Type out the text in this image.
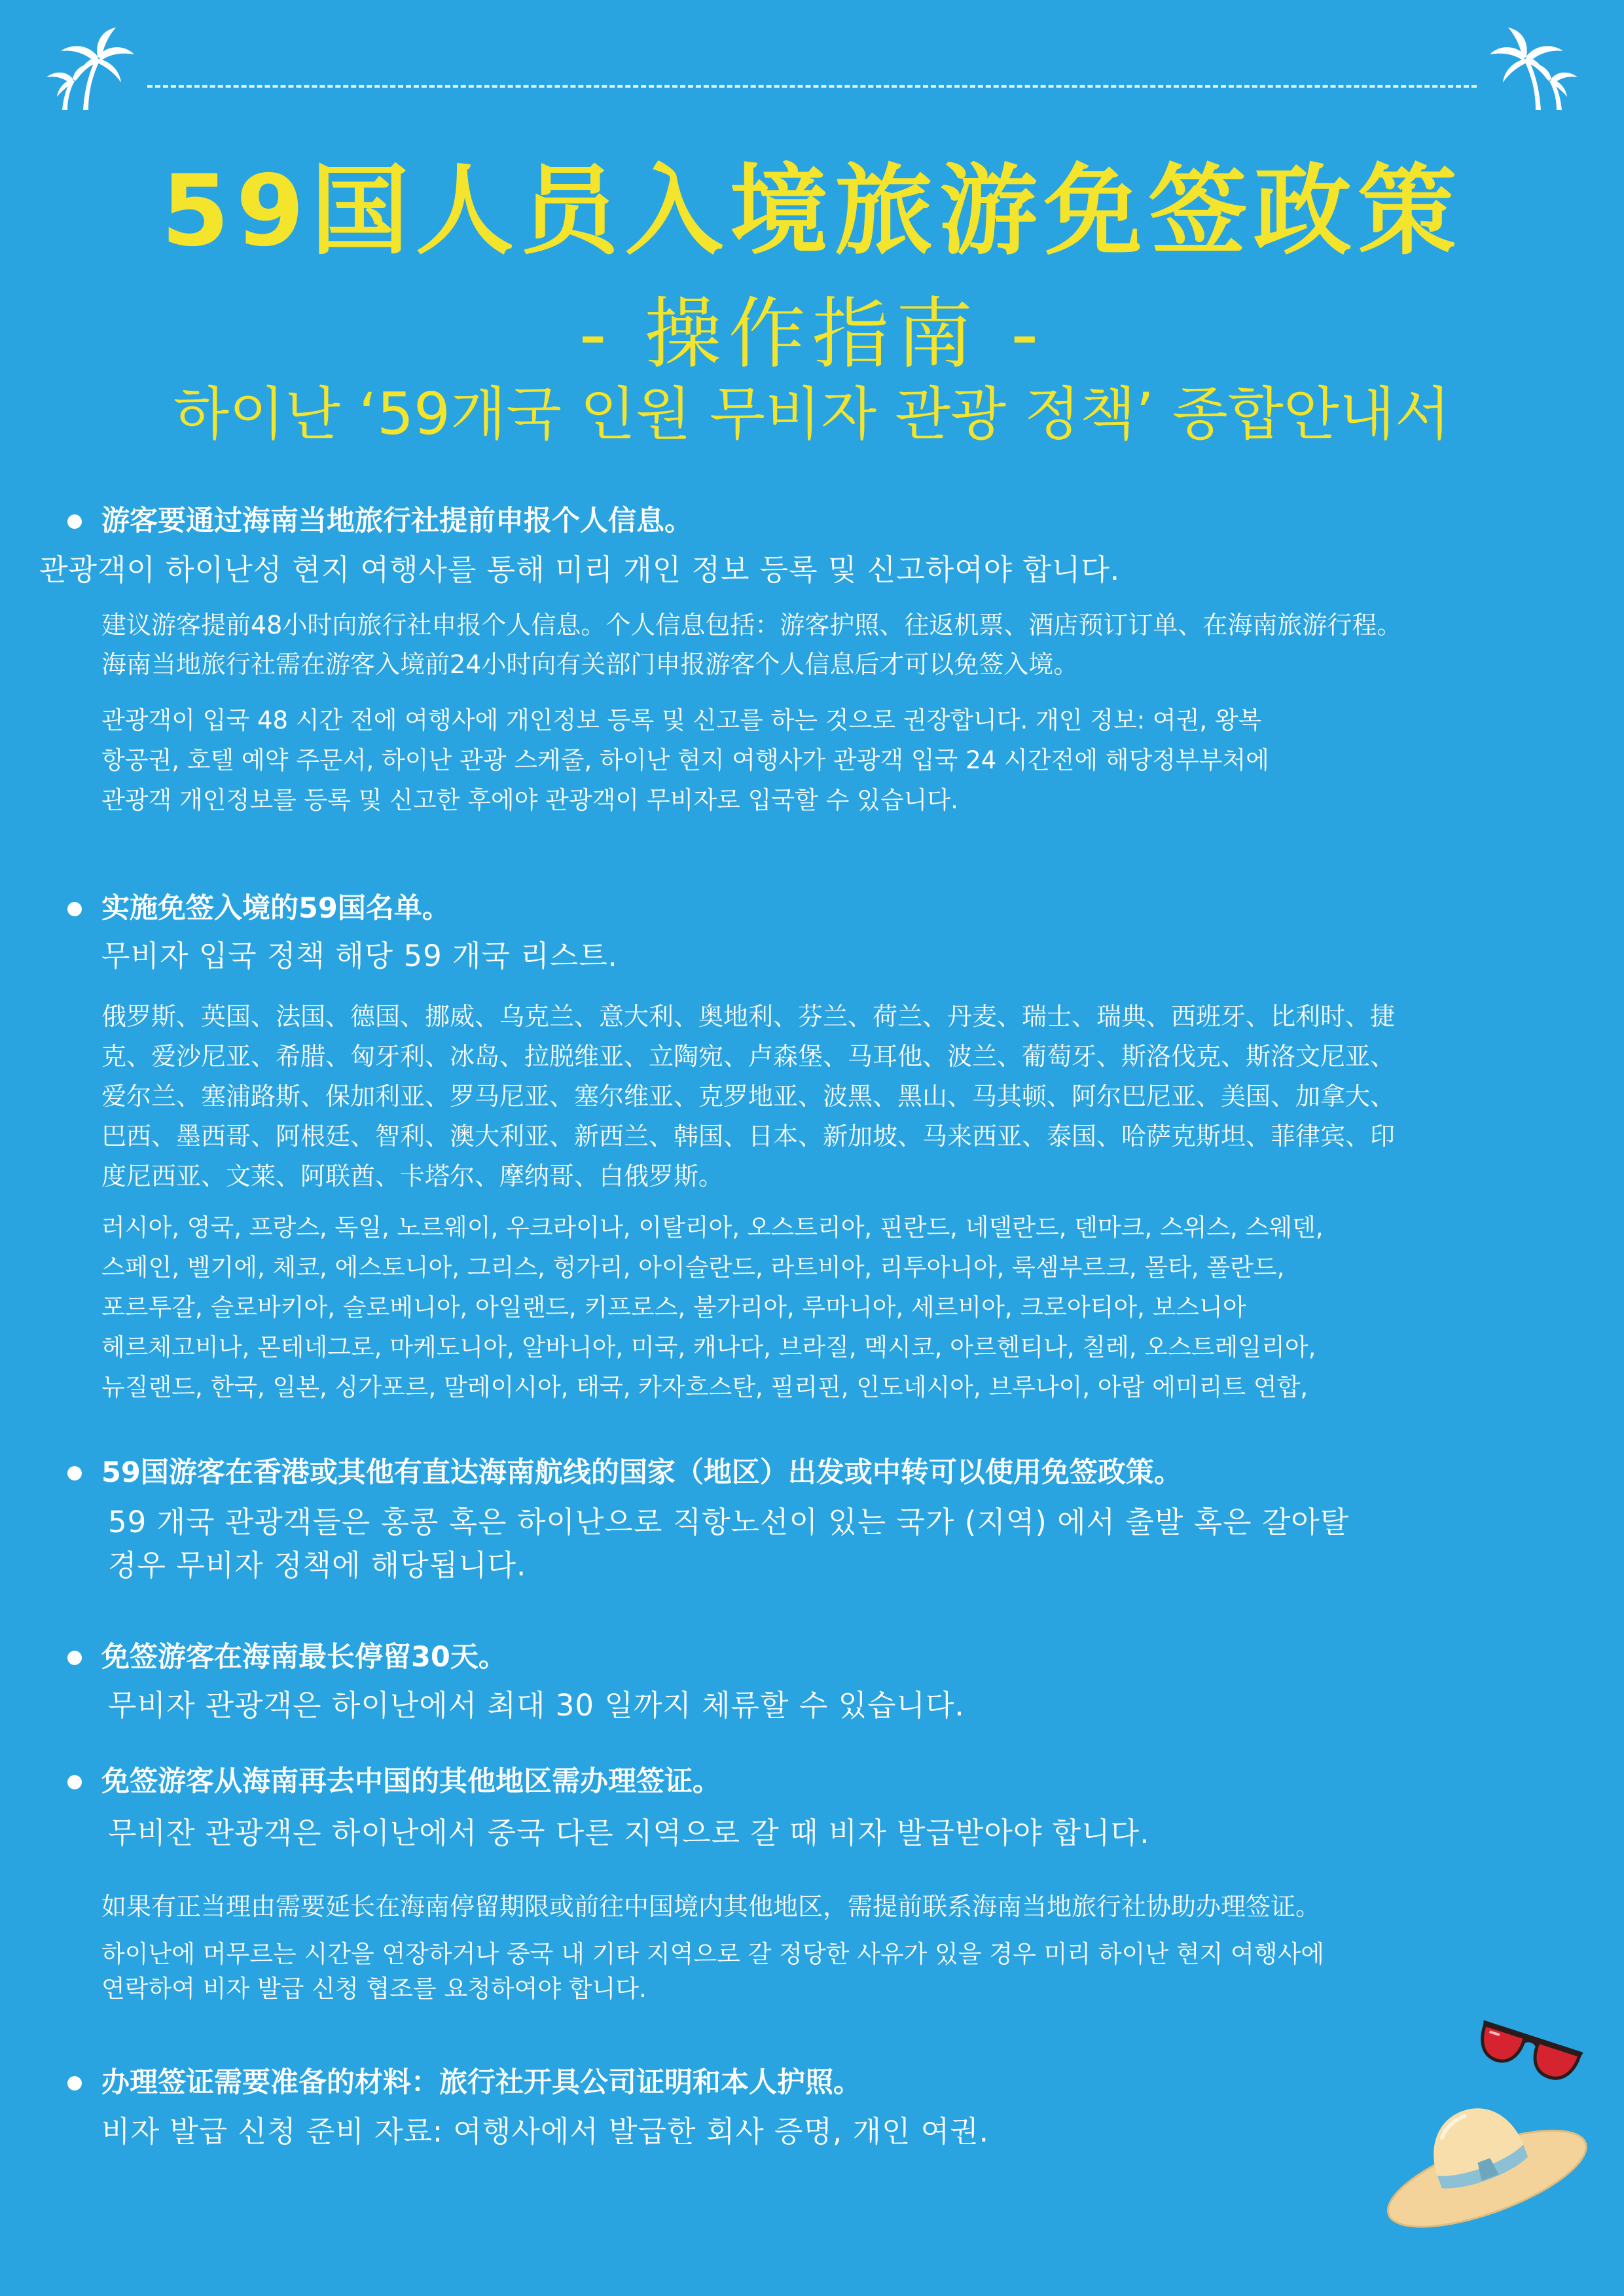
59国人员入境旅游免签政策
- 操作指南 -
하이난 ‘59개국 인원 무비자 관광 정책’ 종합안내서

游客要通过海南当地旅行社提前申报个人信息。

관광객이 하이난성 현지 여행사를 통해 미리 개인 정보 등록 및 신고하여야 합니다.

建议游客提前48小时向旅行社申报个人信息。个人信息包括：游客护照、往返机票、酒店预订订单、在海南旅游行程。

海南当地旅行社需在游客入境前24小时向有关部门申报游客个人信息后才可以免签入境。

관광객이 입국 48 시간 전에 여행사에 개인정보 등록 및 신고를 하는 것으로 권장합니다. 개인 정보: 여권, 왕복

항공권, 호텔 예약 주문서, 하이난 관광 스케줄, 하이난 현지 여행사가 관광객 입국 24 시간전에 해당정부부처에

관광객 개인정보를 등록 및 신고한 후에야 관광객이 무비자로 입국할 수 있습니다.

实施免签入境的59国名单。

무비자 입국 정책 해당 59 개국 리스트.

俄罗斯、英国、法国、德国、挪威、乌克兰、意大利、奥地利、芬兰、荷兰、丹麦、瑞士、瑞典、西班牙、比利时、捷

克、爱沙尼亚、希腊、匈牙利、冰岛、拉脱维亚、立陶宛、卢森堡、马耳他、波兰、葡萄牙、斯洛伐克、斯洛文尼亚、

爱尔兰、塞浦路斯、保加利亚、罗马尼亚、塞尔维亚、克罗地亚、波黑、黑山、马其顿、阿尔巴尼亚、美国、加拿大、

巴西、墨西哥、阿根廷、智利、澳大利亚、新西兰、韩国、日本、新加坡、马来西亚、泰国、哈萨克斯坦、菲律宾、印

度尼西亚、文莱、阿联酋、卡塔尔、摩纳哥、白俄罗斯。

러시아, 영국, 프랑스, 독일, 노르웨이, 우크라이나, 이탈리아, 오스트리아, 핀란드, 네델란드, 덴마크, 스위스, 스웨덴,

스페인, 벨기에, 체코, 에스토니아, 그리스, 헝가리, 아이슬란드, 라트비아, 리투아니아, 룩셈부르크, 몰타, 폴란드,

포르투갈, 슬로바키아, 슬로베니아, 아일랜드, 키프로스, 불가리아, 루마니아, 세르비아, 크로아티아, 보스니아

헤르체고비나, 몬테네그로, 마케도니아, 알바니아, 미국, 캐나다, 브라질, 멕시코, 아르헨티나, 칠레, 오스트레일리아,

뉴질랜드, 한국, 일본, 싱가포르, 말레이시아, 태국, 카자흐스탄, 필리핀, 인도네시아, 브루나이, 아랍 에미리트 연합,

59国游客在香港或其他有直达海南航线的国家（地区）出发或中转可以使用免签政策。

59 개국 관광객들은 홍콩 혹은 하이난으로 직항노선이 있는 국가 (지역) 에서 출발 혹은 갈아탈

경우 무비자 정책에 해당됩니다.

免签游客在海南最长停留30天。

무비자 관광객은 하이난에서 최대 30 일까지 체류할 수 있습니다.

免签游客从海南再去中国的其他地区需办理签证。

무비잔 관광객은 하이난에서 중국 다른 지역으로 갈 때 비자 발급받아야 합니다.

如果有正当理由需要延长在海南停留期限或前往中国境内其他地区，需提前联系海南当地旅行社协助办理签证。

하이난에 머무르는 시간을 연장하거나 중국 내 기타 지역으로 갈 정당한 사유가 있을 경우 미리 하이난 현지 여행사에

연락하여 비자 발급 신청 협조를 요청하여야 합니다.

办理签证需要准备的材料：旅行社开具公司证明和本人护照。

비자 발급 신청 준비 자료: 여행사에서 발급한 회사 증명, 개인 여권.
